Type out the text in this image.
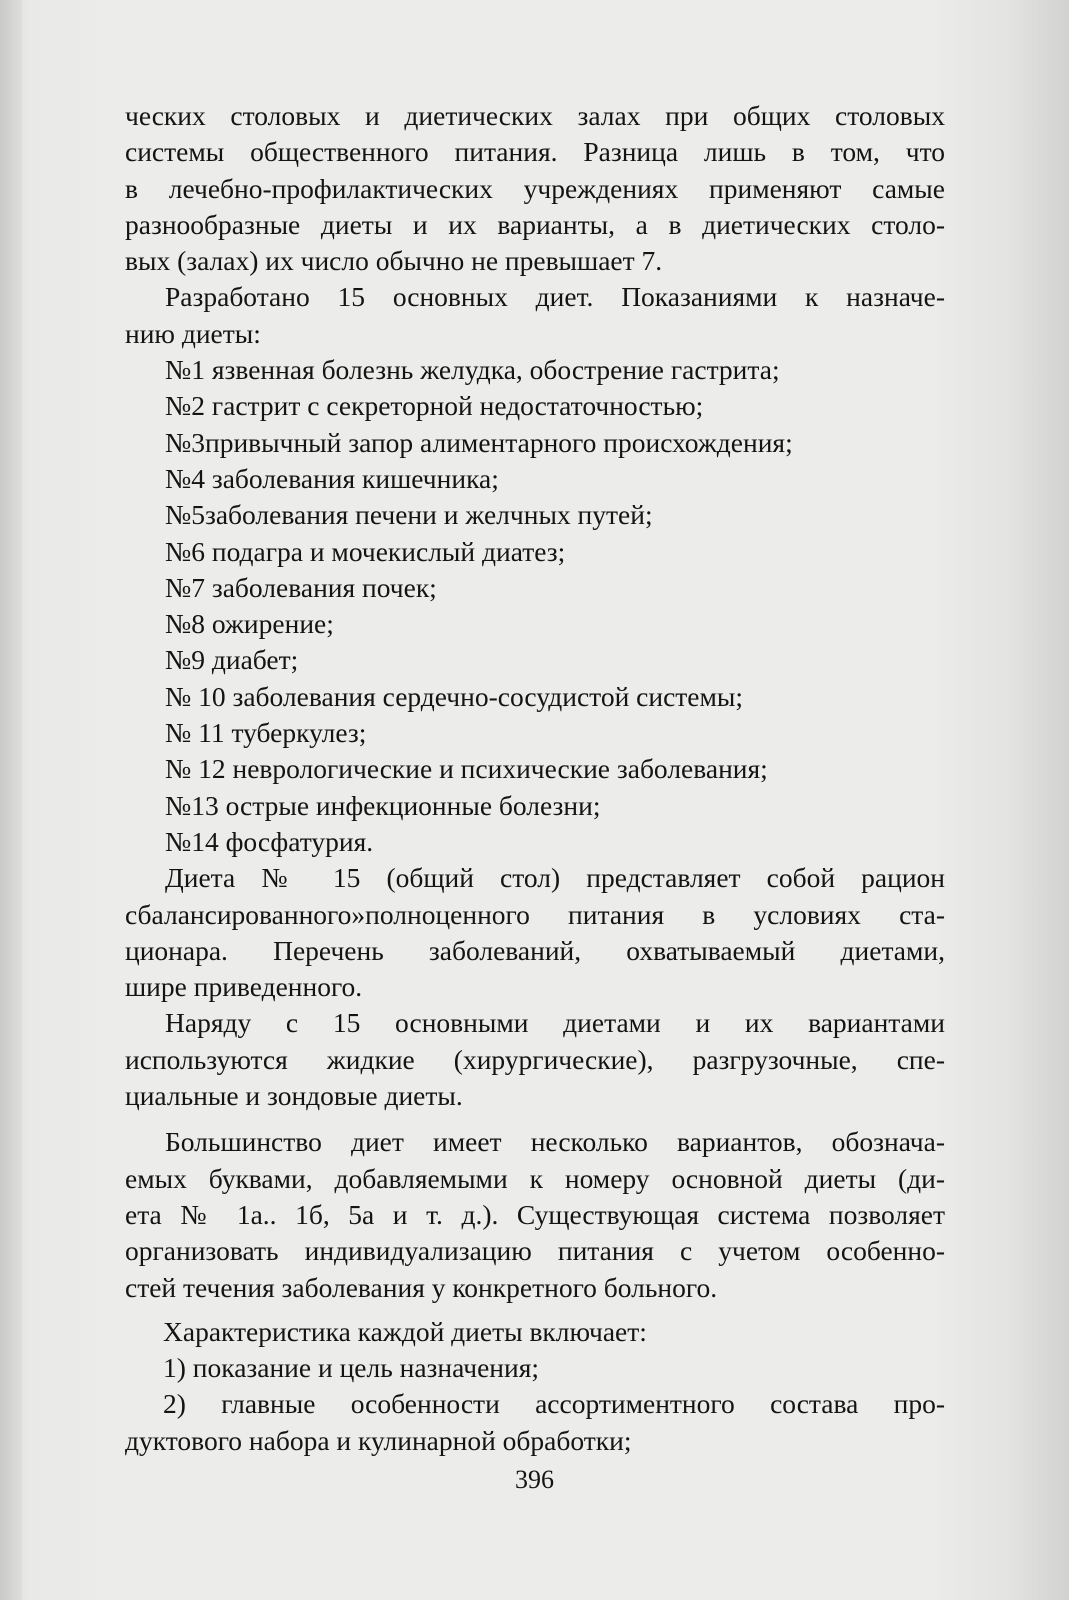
ческих столовых и диетических залах при общих столовых
системы общественного питания. Разница лишь в том, что
в лечебно-профилактических учреждениях применяют самые
разнообразные диеты и их варианты, а в диетических столо-
вых (залах) их число обычно не превышает 7.
Разработано 15 основных диет. Показаниями к назначе-
нию диеты:
№1 язвенная болезнь желудка, обострение гастрита;
№2 гастрит с секреторной недостаточностью;
№3привычный запор алиментарного происхождения;
№4 заболевания кишечника;
№5заболевания печени и желчных путей;
№6 подагра и мочекислый диатез;
№7 заболевания почек;
№8 ожирение;
№9 диабет;
№ 10 заболевания сердечно-сосудистой системы;
№ 11 туберкулез;
№ 12 неврологические и психические заболевания;
№13 острые инфекционные болезни;
№14 фосфатурия.
Диета № 15 (общий стол) представляет собой рацион
сбалансированного»полноценного питания в условиях ста-
ционара. Перечень заболеваний, охватываемый диетами,
шире приведенного.
Наряду с 15 основными диетами и их вариантами
используются жидкие (хирургические), разгрузочные, спе-
циальные и зондовые диеты.
Большинство диет имеет несколько вариантов, обознача-
емых буквами, добавляемыми к номеру основной диеты (ди-
ета № 1а.. 1б, 5а и т. д.). Существующая система позволяет
организовать индивидуализацию питания с учетом особенно-
стей течения заболевания у конкретного больного.
Характеристика каждой диеты включает:
1) показание и цель назначения;
2) главные особенности ассортиментного состава про-
дуктового набора и кулинарной обработки;
396
